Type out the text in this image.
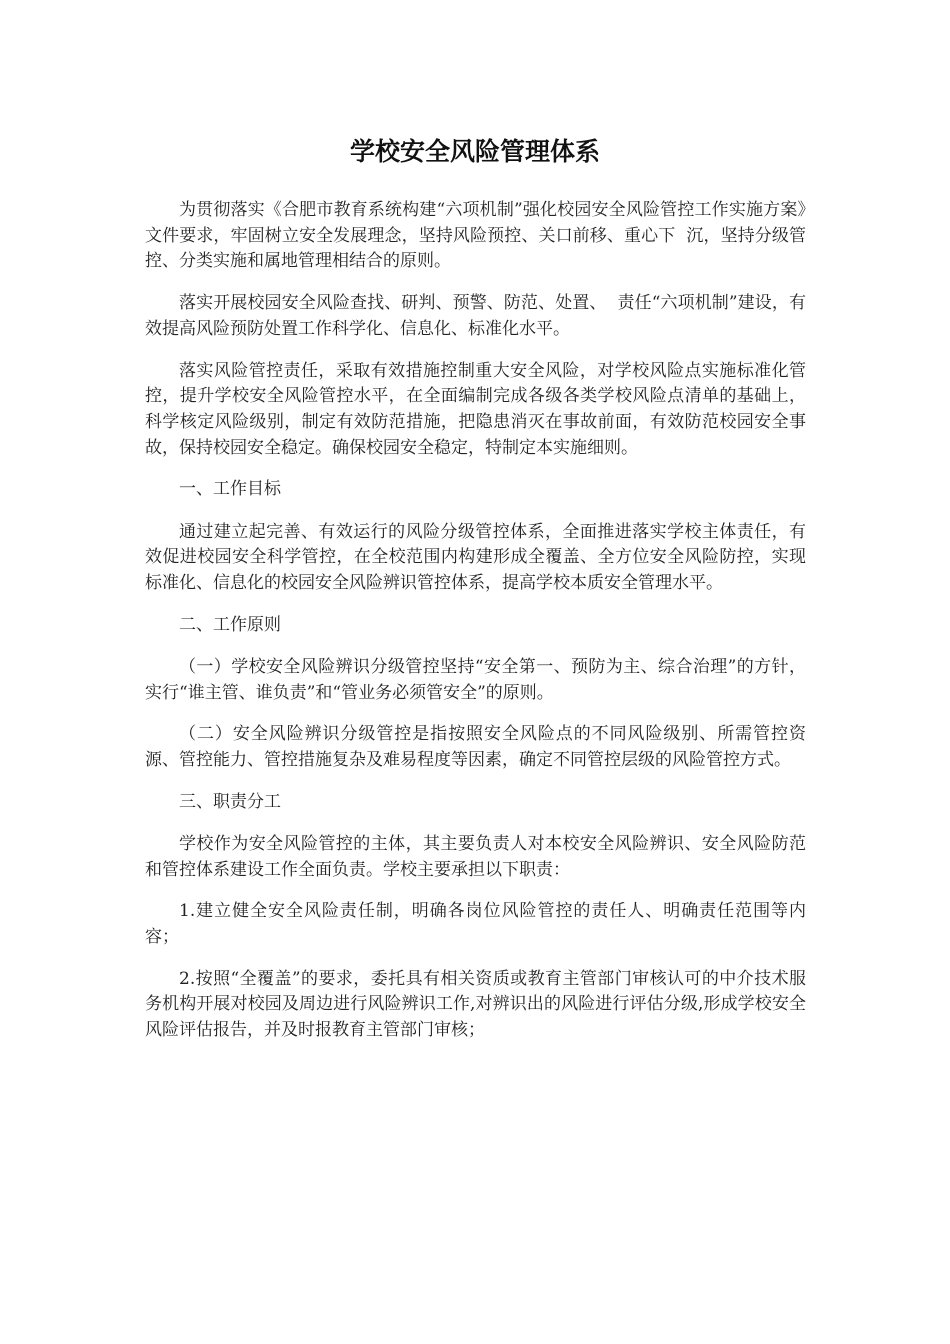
学校安全风险管理体系

为贯彻落实《合肥市教育系统构建“六项机制”强化校园安全风险管控工作实施方案》文件要求，牢固树立安全发展理念，坚持风险预控、关口前移、重心下  沉，坚持分级管控、分类实施和属地管理相结合的原则。

落实开展校园安全风险查找、研判、预警、防范、处置、  责任“六项机制”建设，有效提高风险预防处置工作科学化、信息化、标准化水平。

落实风险管控责任，采取有效措施控制重大安全风险，对学校风险点实施标准化管控，提升学校安全风险管控水平，在全面编制完成各级各类学校风险点清单的基础上，科学核定风险级别，制定有效防范措施，把隐患消灭在事故前面，有效防范校园安全事故，保持校园安全稳定。确保校园安全稳定，特制定本实施细则。

一、工作目标

通过建立起完善、有效运行的风险分级管控体系，全面推进落实学校主体责任，有效促进校园安全科学管控，在全校范围内构建形成全覆盖、全方位安全风险防控，实现标准化、信息化的校园安全风险辨识管控体系，提高学校本质安全管理水平。

二、工作原则

（一）学校安全风险辨识分级管控坚持“安全第一、预防为主、综合治理”的方针，实行“谁主管、谁负责”和“管业务必须管安全”的原则。

（二）安全风险辨识分级管控是指按照安全风险点的不同风险级别、所需管控资源、管控能力、管控措施复杂及难易程度等因素，确定不同管控层级的风险管控方式。

三、职责分工

学校作为安全风险管控的主体，其主要负责人对本校安全风险辨识、安全风险防范和管控体系建设工作全面负责。学校主要承担以下职责：

1.建立健全安全风险责任制，明确各岗位风险管控的责任人、明确责任范围等内容；

2.按照“全覆盖”的要求，委托具有相关资质或教育主管部门审核认可的中介技术服务机构开展对校园及周边进行风险辨识工作,对辨识出的风险进行评估分级,形成学校安全风险评估报告，并及时报教育主管部门审核；
